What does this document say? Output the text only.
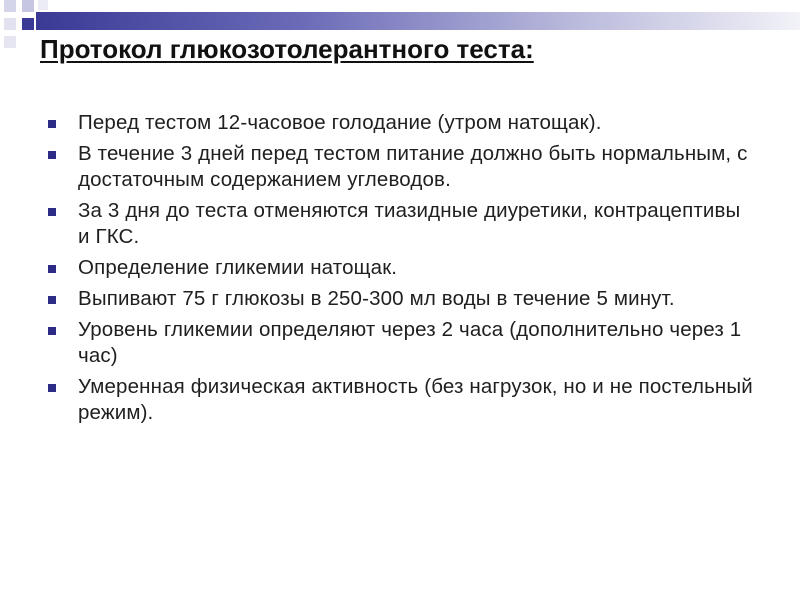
Протокол глюкозотолерантного теста:
Перед тестом 12-часовое голодание (утром натощак).
В течение 3 дней перед тестом питание должно быть нормальным, с достаточным содержанием углеводов.
За 3 дня до теста отменяются тиазидные диуретики, контрацептивы и ГКС.
Определение гликемии натощак.
Выпивают 75 г глюкозы в 250-300 мл воды в течение 5 минут.
Уровень гликемии определяют через 2 часа (дополнительно через 1 час)
Умеренная физическая активность (без нагрузок, но и не постельный режим).
